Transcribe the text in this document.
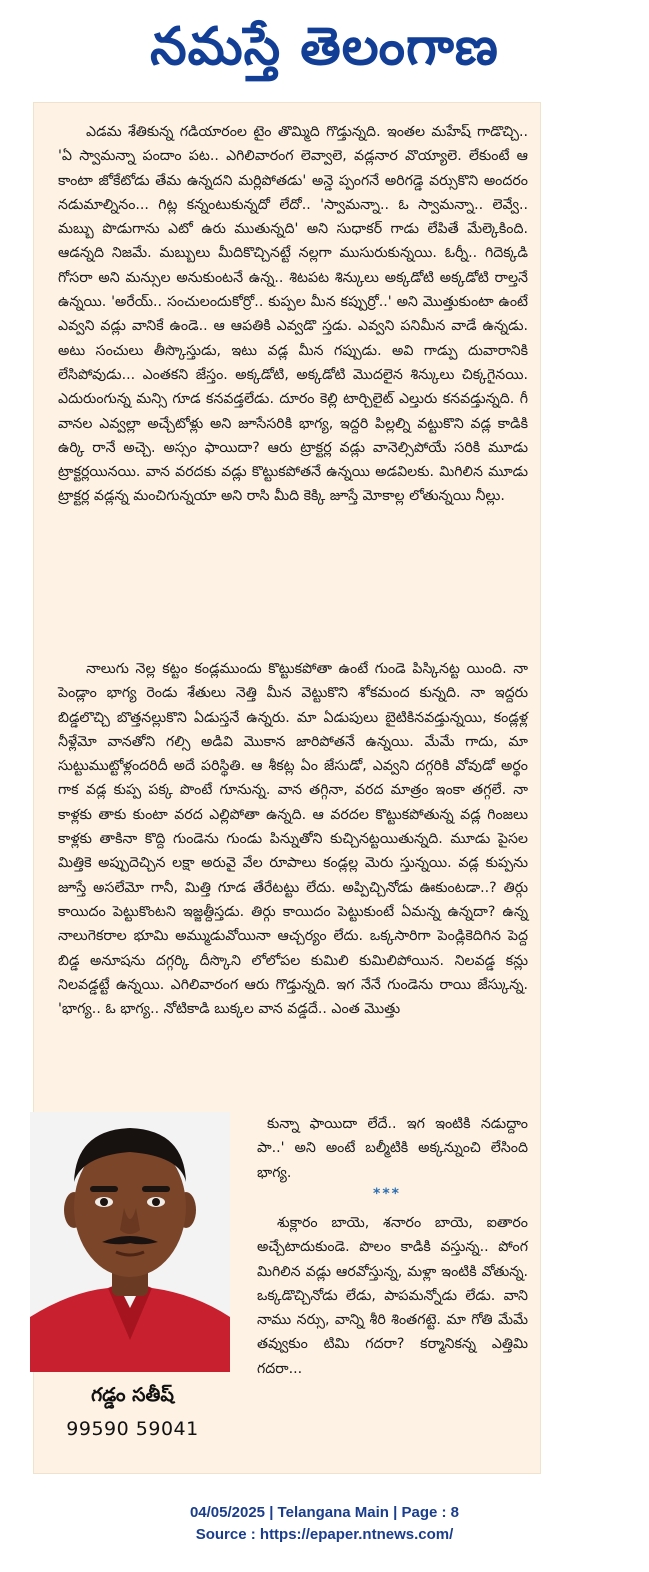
నమస్తే తెలంగాణ

ఎడమ శేతికున్న గడియారంల టైం తొమ్మిది గొడ్తున్నది. ఇంతల మహేష్ గాడొచ్చి.. 'ఏ స్వామన్నా పందాం పట.. ఎగిలివారంగ లెవ్వాలె, వడ్లనార వొయ్యాలె. లేకుంటే ఆ కాంటా జోకేటోడు తేమ ఉన్నదని మర్లిపోతడు' అన్డె ప్పంగనే అరిగడ్డె వర్సుకొని అందరం నడుమాల్నినం... గిట్ల కన్నంటుకున్నదో లేదో.. 'స్వామన్నా.. ఓ స్వామన్నా.. లెవ్వే.. మబ్బు పొడుగాను ఎటో ఉరు ముతున్నది' అని సుధాకర్ గాడు లేపితే మేల్కెకింది. ఆడన్నది నిజమే. మబ్బులు మీదికొచ్చినట్టే నల్లగా ముసురుకున్నయి. ఓర్నీ.. గిదెక్కడి గోసరా అని మన్సుల అనుకుంటనే ఉన్న.. శిటపట శిన్కులు అక్కడోటి అక్కడోటి రాల్తనే ఉన్నయి. 'అరేయ్.. సంచులందుకోర్రో.. కుప్పల మీన కప్పుర్రో..' అని మొత్తుకుంటా ఉంటే ఎవ్వని వడ్లు వానికే ఉండె.. ఆ ఆపతికి ఎవ్వడొ స్తడు. ఎవ్వని పనిమీన వాడే ఉన్నడు. అటు సంచులు తీస్కొస్తుడు, ఇటు వడ్ల మీన గప్పుడు. అవి గాడ్పు దువారానికి లేసిపోవుడు... ఎంతకని జేస్తం. అక్కడోటి, అక్కడోటి మొదలైన శిన్కులు చిక్కగైనయి. ఎదురుంగున్న మన్సి గూడ కనవడ్తలేడు. దూరం కెల్లి టార్చిలైట్ ఎల్తురు కనవడ్తున్నది. గీ వానల ఎవ్వల్లా అచ్చేటోళ్లు అని జూసేసరికి భాగ్య, ఇద్దరి పిల్లల్ని వట్టుకొని వడ్ల కాడికి ఉర్కి రానే అచ్చె. అస్సం ఫాయిదా? ఆరు ట్రాక్టర్ల వడ్లు వానెల్సిపోయే సరికి మూడు ట్రాక్టర్లయినయి. వాన వరదకు వడ్లు కొట్టుకపోతనే ఉన్నయి అడవిలకు. మిగిలిన మూడు ట్రాక్టర్ల వడ్లన్న మంచిగున్నయా అని రాసి మీది కెక్కి జూస్తే మోకాల్ల లోతున్నయి నీల్లు.

నాలుగు నెల్ల కట్టం కండ్లముందు కొట్టుకపోతా ఉంటే గుండె పిస్కినట్ట యింది. నా పెండ్లాం భాగ్య రెండు శేతులు నెత్తి మీన వెట్టుకొని శోకమంద కున్నది. నా ఇద్దరు బిడ్డలొచ్చి బొత్తనల్లుకొని ఏడుస్తనే ఉన్నరు. మా ఏడుపులు బైటికినవడ్తున్నయి, కండ్లళ్ల నీళ్లేమో వానతోని గల్సి అడివి మొకాన జారిపోతనే ఉన్నయి. మేమే గాదు, మా సుట్టుముట్టోళ్లందరిదీ అదే పరిస్థితి. ఆ శీకట్ల ఏం జేసుడో, ఎవ్వని దగ్గరికి వోవుడో అర్థం గాక వడ్ల కుప్ప పక్క పొంటే గూనున్న. వాన తగ్గినా, వరద మాత్రం ఇంకా తగ్గలే. నా కాళ్లకు తాకు కుంటా వరద ఎల్లిపోతా ఉన్నది. ఆ వరదల కొట్టుకపోతున్న వడ్ల గింజలు కాళ్లకు తాకినా కొద్ది గుండెను గుండు పిన్నుతోని కుచ్చినట్టయితున్నది. మూడు పైసల మిత్తికె అప్పుదెచ్చిన లక్షా అరువై వేల రూపాలు కండ్లల్ల మెరు స్తున్నయి. వడ్ల కుప్పను జూస్తే అసలేమో గానీ, మిత్తి గూడ తేరేటట్టు లేదు. అప్పిచ్చినోడు ఊకుంటడా..? తిర్గు కాయిదం పెట్టుకొంటని ఇజ్జత్దీస్తడు. తిర్గు కాయిదం పెట్టుకుంటే ఏమన్న ఉన్నదా? ఉన్న నాలుగెకరాల భూమి అమ్ముడువోయినా ఆచ్చర్యం లేదు. ఒక్కసారిగా పెండ్లికెదిగిన పెద్ద బిడ్డ అనూషను దగ్గర్కి దీస్కొని లోలోపల కుమిలి కుమిలిపోయిన. నిలవడ్డ కన్లు నిలవడ్డట్టే ఉన్నయి. ఎగిలివారంగ ఆరు గొడ్తున్నది. ఇగ నేనే గుండెను రాయి జేస్కున్న. 'భాగ్య.. ఓ భాగ్య.. నోటికాడి బుక్కల వాన వడ్డదే.. ఎంత మొత్తు

కున్నా ఫాయిదా లేదే.. ఇగ ఇంటికి నడుద్దాం పా..' అని అంటే బల్మీటికి అక్కన్నుంచి లేసింది భాగ్య.

***

శుక్లారం బాయె, శనారం బాయె, ఐతారం అచ్చేటాదుకుండె. పొలం కాడికి వస్తున్న.. పోంగ మిగిలిన వడ్లు ఆరవోస్తున్న, మళ్లా ఇంటికి వోతున్న. ఒక్కడొచ్చినోడు లేడు, పాపమన్నోడు లేడు. వాని నాము నర్సు, వాన్ని శీరి శింతగట్టె. మా గోతి మేమే తవ్వుకుం టిమి గదరా? కర్మానికన్న ఎత్తిమి గదరా...

గడ్డం సతీష్
99590 59041
04/05/2025 | Telangana Main | Page : 8
Source : https://epaper.ntnews.com/
